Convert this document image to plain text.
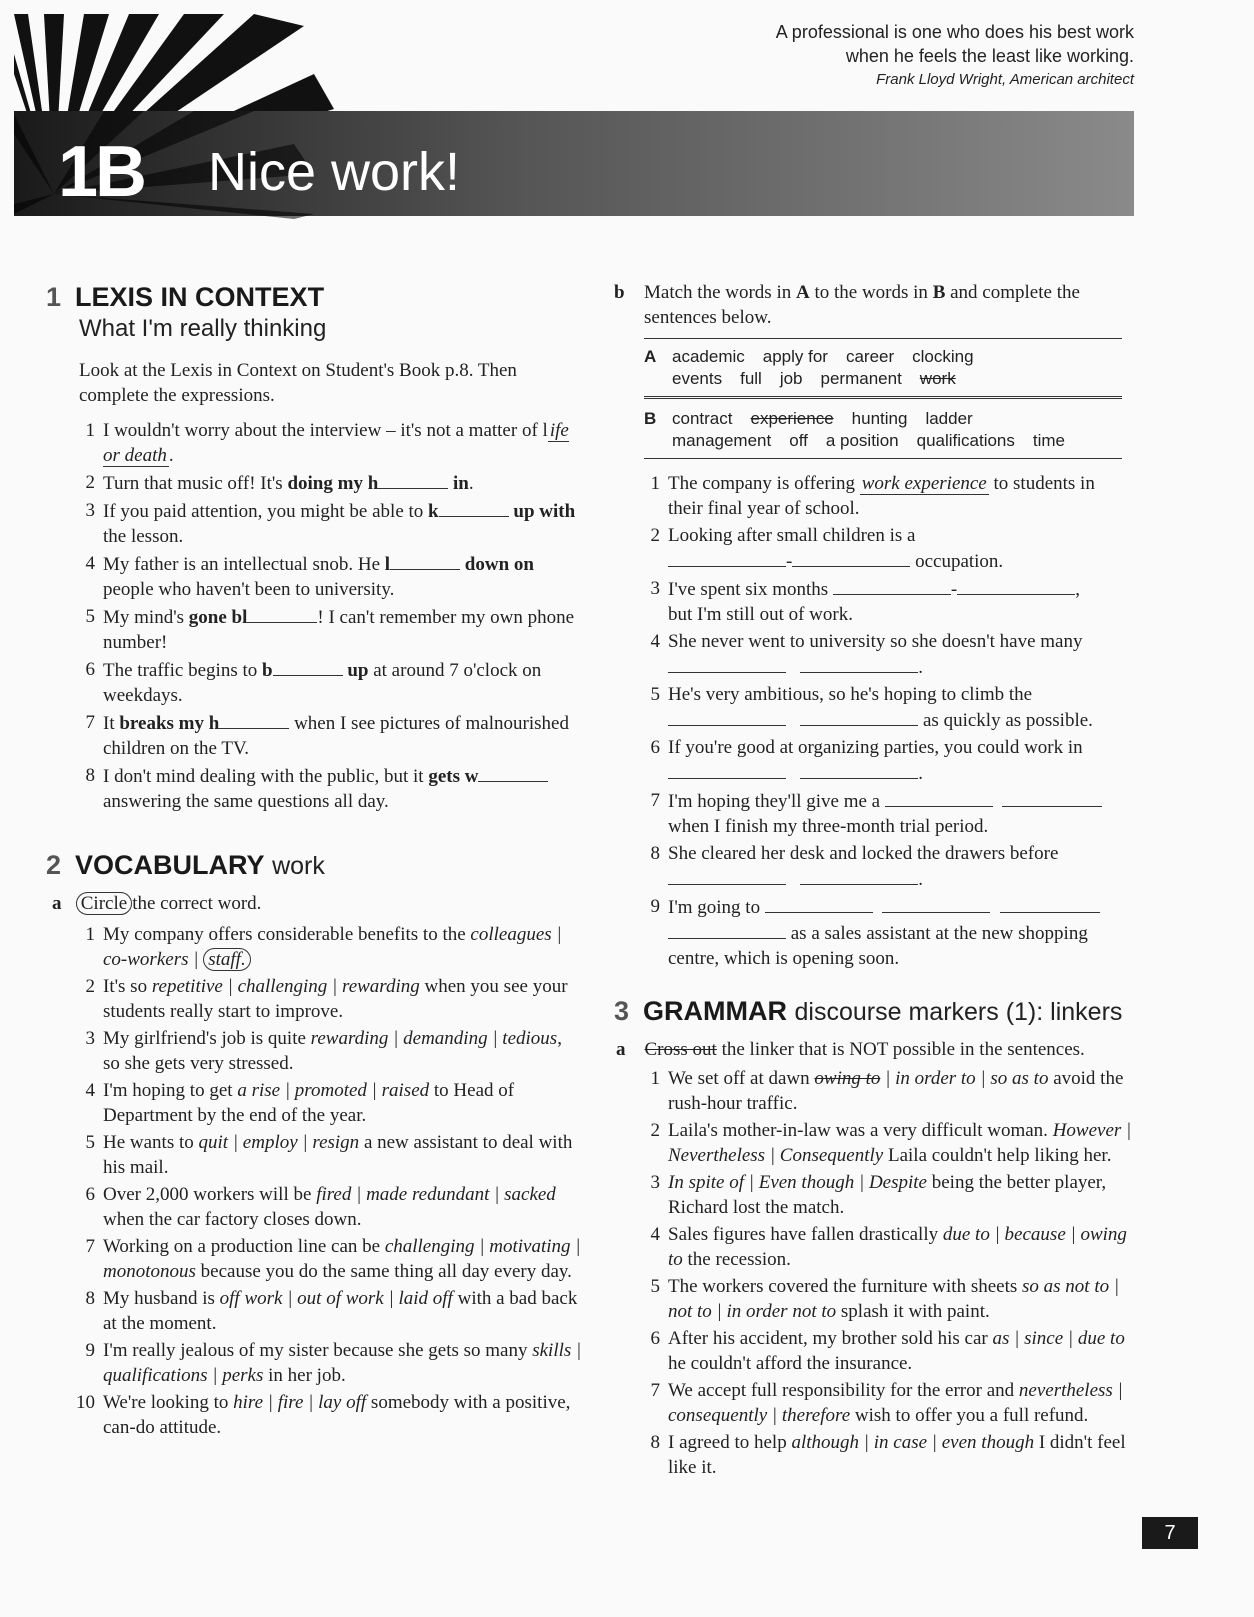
A professional is one who does his best work
when he feels the least like working.
Frank Lloyd Wright, American architect
1B Nice work!
1 LEXIS IN CONTEXT
What I'm really thinking
Look at the Lexis in Context on Student's Book p.8. Then complete the expressions.
1 I wouldn't worry about the interview – it's not a matter of l ife or death .
2 Turn that music off! It's doing my h	in.
3 If you paid attention, you might be able to k	up with the lesson.
4 My father is an intellectual snob. He l	down on people who haven't been to university.
5 My mind's gone bl	! I can't remember my own phone number!
6 The traffic begins to b	up at around 7 o'clock on weekdays.
7 It breaks my h	when I see pictures of malnourished children on the TV.
8 I don't mind dealing with the public, but it gets w answering the same questions all day.
2 VOCABULARY work
a Circle the correct word.
1 My company offers considerable benefits to the colleagues | co-workers | staff.
2 It's so repetitive | challenging | rewarding when you see your students really start to improve.
3 My girlfriend's job is quite rewarding | demanding | tedious, so she gets very stressed.
4 I'm hoping to get a rise | promoted | raised to Head of Department by the end of the year.
5 He wants to quit | employ | resign a new assistant to deal with his mail.
6 Over 2,000 workers will be fired | made redundant | sacked when the car factory closes down.
7 Working on a production line can be challenging | motivating | monotonous because you do the same thing all day every day.
8 My husband is off work | out of work | laid off with a bad back at the moment.
9 I'm really jealous of my sister because she gets so many skills | qualifications | perks in her job.
10 We're looking to hire | fire | lay off somebody with a positive, can-do attitude.
b Match the words in A to the words in B and complete the sentences below.
A academic apply for career clocking
events full job permanent work
B contract experience hunting ladder
management off a position qualifications time
1 The company is offering work experience to students in their final year of school.
2 Looking after small children is a
-	occupation.
3 I've spent six months	-	,
but I'm still out of work.
4 She never went to university so she doesn't have many
.
5 He's very ambitious, so he's hoping to climb the
as quickly as possible.
6 If you're good at organizing parties, you could work in    .
7 I'm hoping they'll give me a
when I finish my three-month trial period.
8 She cleared her desk and locked the drawers before
.
9 I'm going to
as a sales assistant at the new shopping centre, which is opening soon.
3 GRAMMAR discourse markers (1): linkers
a Cross out the linker that is NOT possible in the sentences.
1 We set off at dawn owing to | in order to | so as to avoid the rush-hour traffic.
2 Laila's mother-in-law was a very difficult woman. However | Nevertheless | Consequently Laila couldn't help liking her.
3 In spite of | Even though | Despite being the better player, Richard lost the match.
4 Sales figures have fallen drastically due to | because | owing to the recession.
5 The workers covered the furniture with sheets so as not to | not to | in order not to splash it with paint.
6 After his accident, my brother sold his car as | since | due to he couldn't afford the insurance.
7 We accept full responsibility for the error and nevertheless | consequently | therefore wish to offer you a full refund.
8 I agreed to help although | in case | even though I didn't feel like it.
7
